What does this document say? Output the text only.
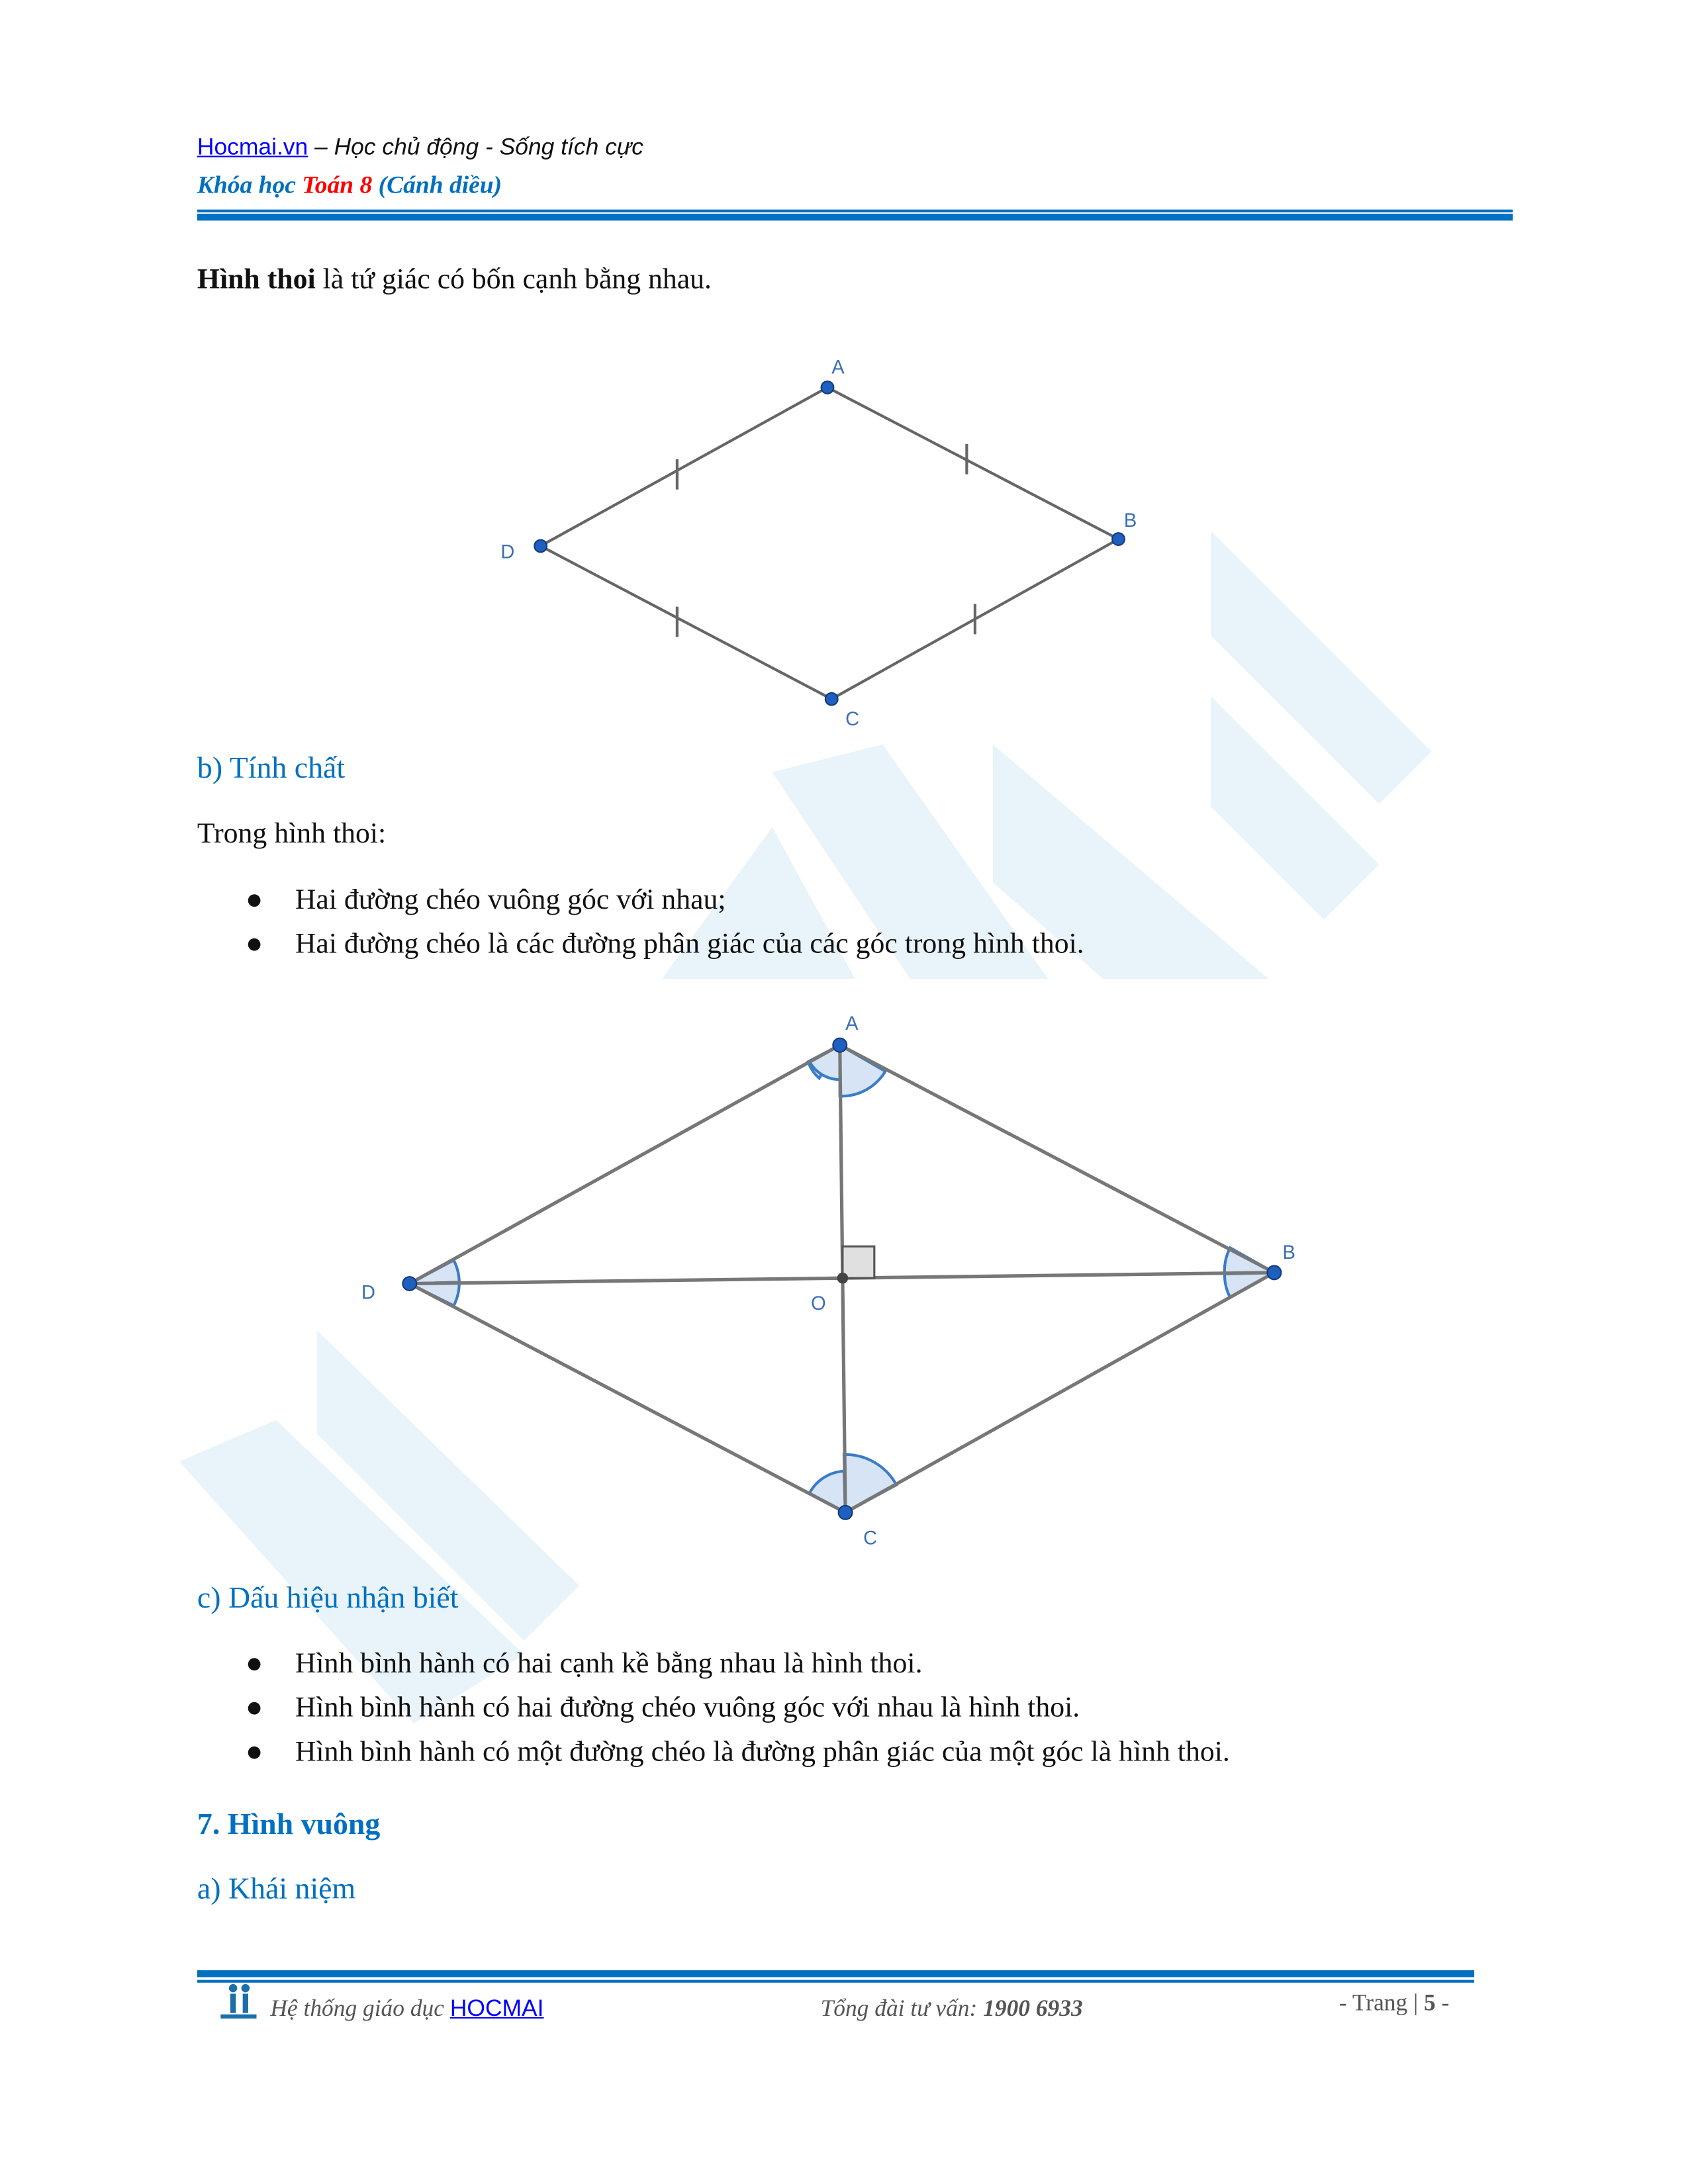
Hocmai.vn – Học chủ động - Sống tích cực
Khóa học Toán 8 (Cánh diều)
Hình thoi là tứ giác có bốn cạnh bằng nhau.
A
B
C
D
b) Tính chất
Trong hình thoi:
● Hai đường chéo vuông góc với nhau;
● Hai đường chéo là các đường phân giác của các góc trong hình thoi.
A
B
C
D
O
c) Dấu hiệu nhận biết
● Hình bình hành có hai cạnh kề bằng nhau là hình thoi.
● Hình bình hành có hai đường chéo vuông góc với nhau là hình thoi.
● Hình bình hành có một đường chéo là đường phân giác của một góc là hình thoi.
7. Hình vuông
a) Khái niệm
Hệ thống giáo dục HOCMAI	Tổng đài tư vấn: 1900 6933	- Trang | 5 -
